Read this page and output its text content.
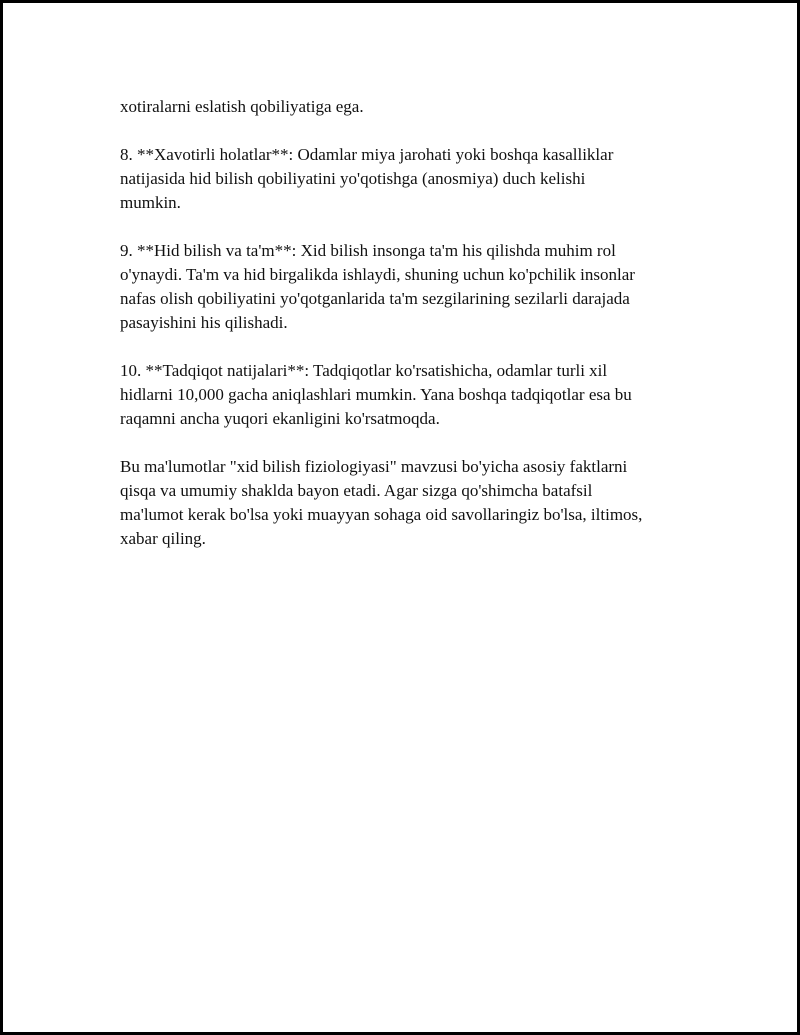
xotiralarni eslatish qobiliyatiga ega.

8. **Xavotirli holatlar**: Odamlar miya jarohati yoki boshqa kasalliklar
natijasida hid bilish qobiliyatini yo'qotishga (anosmiya) duch kelishi
mumkin.

9. **Hid bilish va ta'm**: Xid bilish insonga ta'm his qilishda muhim rol
o'ynaydi. Ta'm va hid birgalikda ishlaydi, shuning uchun ko'pchilik insonlar
nafas olish qobiliyatini yo'qotganlarida ta'm sezgilarining sezilarli darajada
pasayishini his qilishadi.

10. **Tadqiqot natijalari**: Tadqiqotlar ko'rsatishicha, odamlar turli xil
hidlarni 10,000 gacha aniqlashlari mumkin. Yana boshqa tadqiqotlar esa bu
raqamni ancha yuqori ekanligini ko'rsatmoqda.

Bu ma'lumotlar "xid bilish fiziologiyasi" mavzusi bo'yicha asosiy faktlarni
qisqa va umumiy shaklda bayon etadi. Agar sizga qo'shimcha batafsil
ma'lumot kerak bo'lsa yoki muayyan sohaga oid savollaringiz bo'lsa, iltimos,
xabar qiling.
